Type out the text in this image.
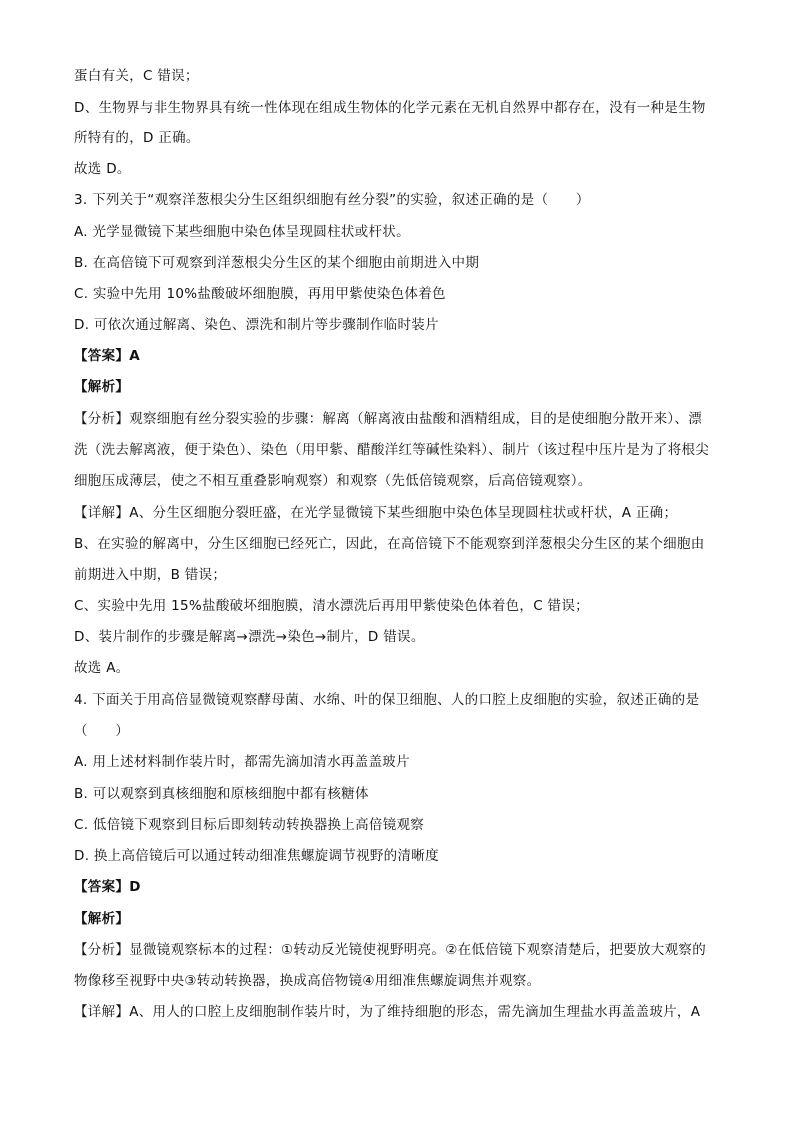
蛋白有关，C 错误；
D、生物界与非生物界具有统一性体现在组成生物体的化学元素在无机自然界中都存在，没有一种是生物
所特有的，D 正确。
故选 D。
3. 下列关于“观察洋葱根尖分生区组织细胞有丝分裂”的实验，叙述正确的是（　　）
A. 光学显微镜下某些细胞中染色体呈现圆柱状或杆状。
B. 在高倍镜下可观察到洋葱根尖分生区的某个细胞由前期进入中期
C. 实验中先用 10%盐酸破坏细胞膜，再用甲紫使染色体着色
D. 可依次通过解离、染色、漂洗和制片等步骤制作临时装片
【答案】A
【解析】
【分析】观察细胞有丝分裂实验的步骤：解离（解离液由盐酸和酒精组成，目的是使细胞分散开来）、漂
洗（洗去解离液，便于染色）、染色（用甲紫、醋酸洋红等碱性染料）、制片（该过程中压片是为了将根尖
细胞压成薄层，使之不相互重叠影响观察）和观察（先低倍镜观察，后高倍镜观察）。
【详解】A、分生区细胞分裂旺盛，在光学显微镜下某些细胞中染色体呈现圆柱状或杆状，A 正确；
B、在实验的解离中，分生区细胞已经死亡，因此，在高倍镜下不能观察到洋葱根尖分生区的某个细胞由
前期进入中期，B 错误；
C、实验中先用 15%盐酸破坏细胞膜，清水漂洗后再用甲紫使染色体着色，C 错误；
D、装片制作的步骤是解离→漂洗→染色→制片，D 错误。
故选 A。
4. 下面关于用高倍显微镜观察酵母菌、水绵、叶的保卫细胞、人的口腔上皮细胞的实验，叙述正确的是
（　　）
A. 用上述材料制作装片时，都需先滴加清水再盖盖玻片
B. 可以观察到真核细胞和原核细胞中都有核糖体
C. 低倍镜下观察到目标后即刻转动转换器换上高倍镜观察
D. 换上高倍镜后可以通过转动细准焦螺旋调节视野的清晰度
【答案】D
【解析】
【分析】显微镜观察标本的过程：①转动反光镜使视野明亮。②在低倍镜下观察清楚后，把要放大观察的
物像移至视野中央③转动转换器，换成高倍物镜④用细准焦螺旋调焦并观察。
【详解】A、用人的口腔上皮细胞制作装片时，为了维持细胞的形态，需先滴加生理盐水再盖盖玻片，A
